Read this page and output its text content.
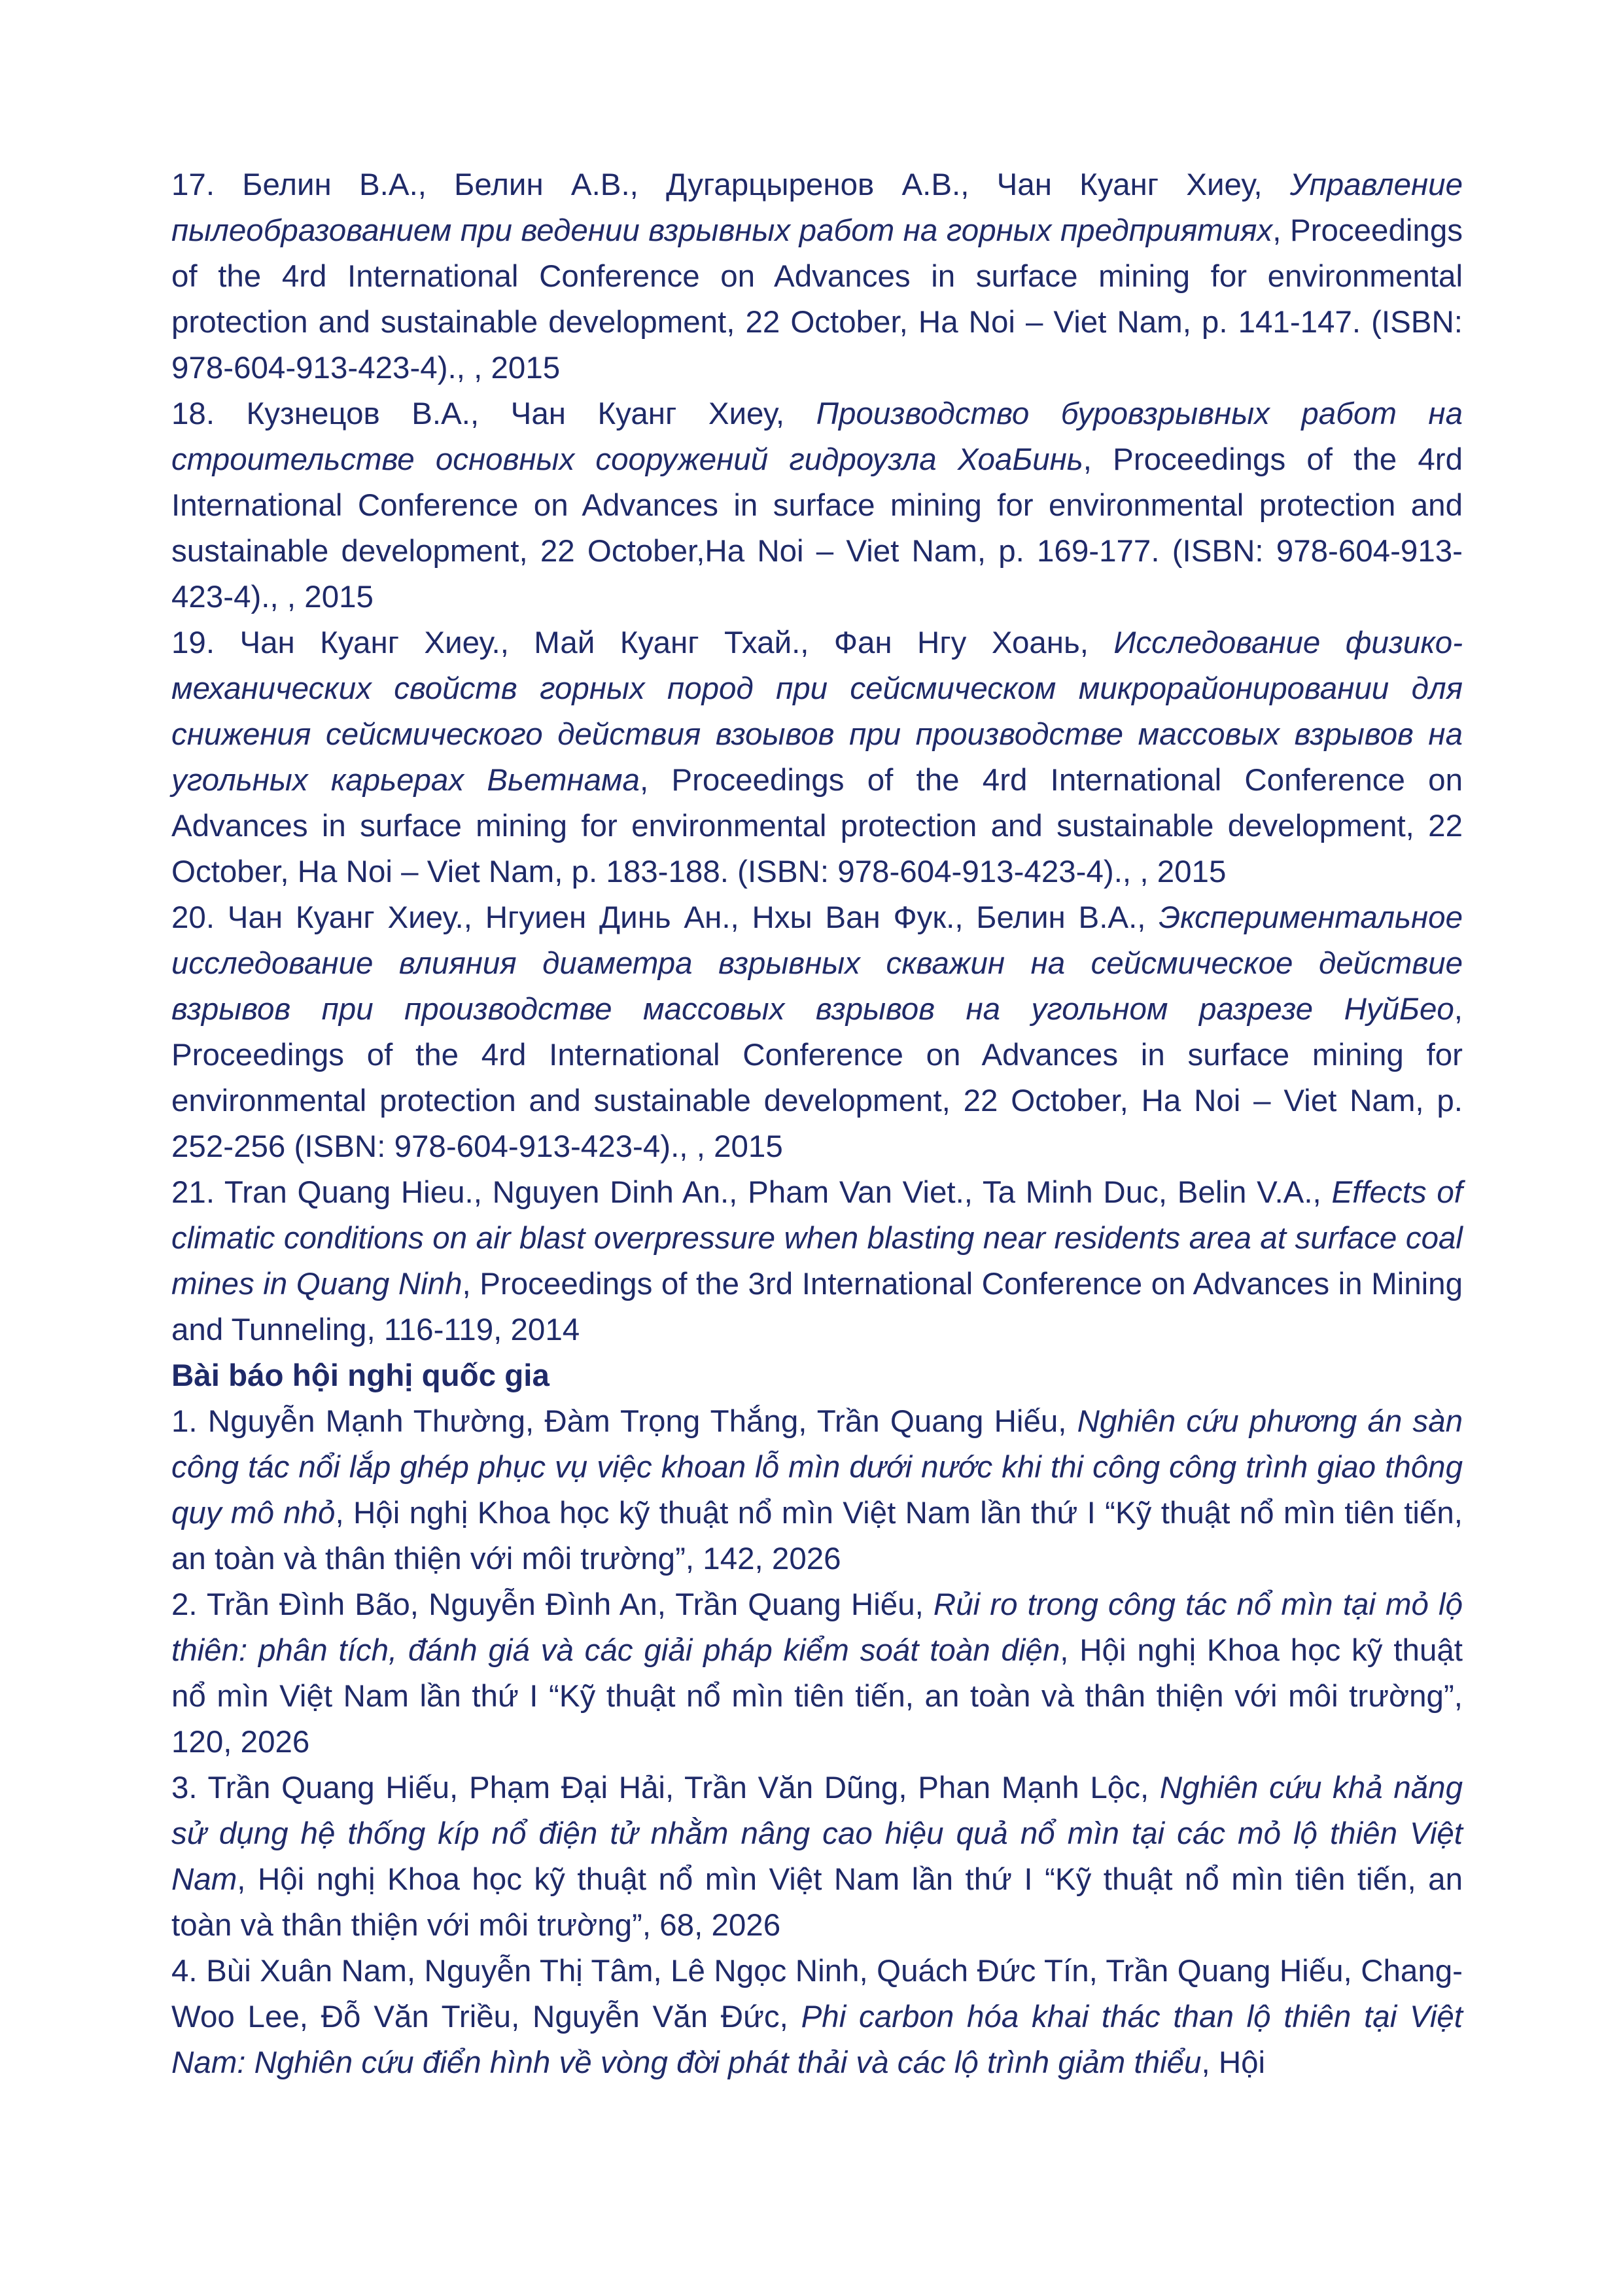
17. Белин В.А., Белин А.В., Дугарцыренов А.В., Чан Куанг Хиеу, Управление пылеобразованием при ведении взрывных работ на горных предприятиях, Proceedings of the 4rd International Conference on Advances in surface mining for environmental protection and sustainable development, 22 October, Ha Noi – Viet Nam, p. 141-147. (ISBN: 978-604-913-423-4)., , 2015
18. Кузнецов В.А., Чан Куанг Хиеу, Производство буровзрывных работ на строительстве основных сооружений гидроузла ХоаБинь, Proceedings of the 4rd International Conference on Advances in surface mining for environmental protection and sustainable development, 22 October,Ha Noi – Viet Nam, p. 169-177. (ISBN: 978-604-913-423-4)., , 2015
19. Чан Куанг Хиеу., Май Куанг Тхай., Фан Нгу Хоань, Исследование физико-механических свойств горных пород при сейсмическом микрорайонировании для снижения сейсмического действия взоывов при производстве массовых взрывов на угольных карьерах Вьетнама, Proceedings of the 4rd International Conference on Advances in surface mining for environmental protection and sustainable development, 22 October, Ha Noi – Viet Nam, p. 183-188. (ISBN: 978-604-913-423-4)., , 2015
20. Чан Куанг Хиеу., Нгуиен Динь Ан., Нхы Ван Фук., Белин В.А., Экспериментальное исследование влияния диаметра взрывных скважин на сейсмическое действие взрывов при производстве массовых взрывов на угольном разрезе НуйБео, Proceedings of the 4rd International Conference on Advances in surface mining for environmental protection and sustainable development, 22 October, Ha Noi – Viet Nam, p. 252-256 (ISBN: 978-604-913-423-4)., , 2015
21. Tran Quang Hieu., Nguyen Dinh An., Pham Van Viet., Ta Minh Duc, Belin V.A., Effects of climatic conditions on air blast overpressure when blasting near residents area at surface coal mines in Quang Ninh, Proceedings of the 3rd International Conference on Advances in Mining and Tunneling, 116-119, 2014
Bài báo hội nghị quốc gia
1. Nguyễn Mạnh Thường, Đàm Trọng Thắng, Trần Quang Hiếu, Nghiên cứu phương án sàn công tác nổi lắp ghép phục vụ việc khoan lỗ mìn dưới nước khi thi công công trình giao thông quy mô nhỏ, Hội nghị Khoa học kỹ thuật nổ mìn Việt Nam lần thứ I “Kỹ thuật nổ mìn tiên tiến, an toàn và thân thiện với môi trường”, 142, 2026
2. Trần Đình Bão, Nguyễn Đình An, Trần Quang Hiếu, Rủi ro trong công tác nổ mìn tại mỏ lộ thiên: phân tích, đánh giá và các giải pháp kiểm soát toàn diện, Hội nghị Khoa học kỹ thuật nổ mìn Việt Nam lần thứ I “Kỹ thuật nổ mìn tiên tiến, an toàn và thân thiện với môi trường”, 120, 2026
3. Trần Quang Hiếu, Phạm Đại Hải, Trần Văn Dũng, Phan Mạnh Lộc, Nghiên cứu khả năng sử dụng hệ thống kíp nổ điện tử nhằm nâng cao hiệu quả nổ mìn tại các mỏ lộ thiên Việt Nam, Hội nghị Khoa học kỹ thuật nổ mìn Việt Nam lần thứ I “Kỹ thuật nổ mìn tiên tiến, an toàn và thân thiện với môi trường”, 68, 2026
4. Bùi Xuân Nam, Nguyễn Thị Tâm, Lê Ngọc Ninh, Quách Đức Tín, Trần Quang Hiếu, Chang-Woo Lee, Đỗ Văn Triều, Nguyễn Văn Đức, Phi carbon hóa khai thác than lộ thiên tại Việt Nam: Nghiên cứu điển hình về vòng đời phát thải và các lộ trình giảm thiểu, Hội
